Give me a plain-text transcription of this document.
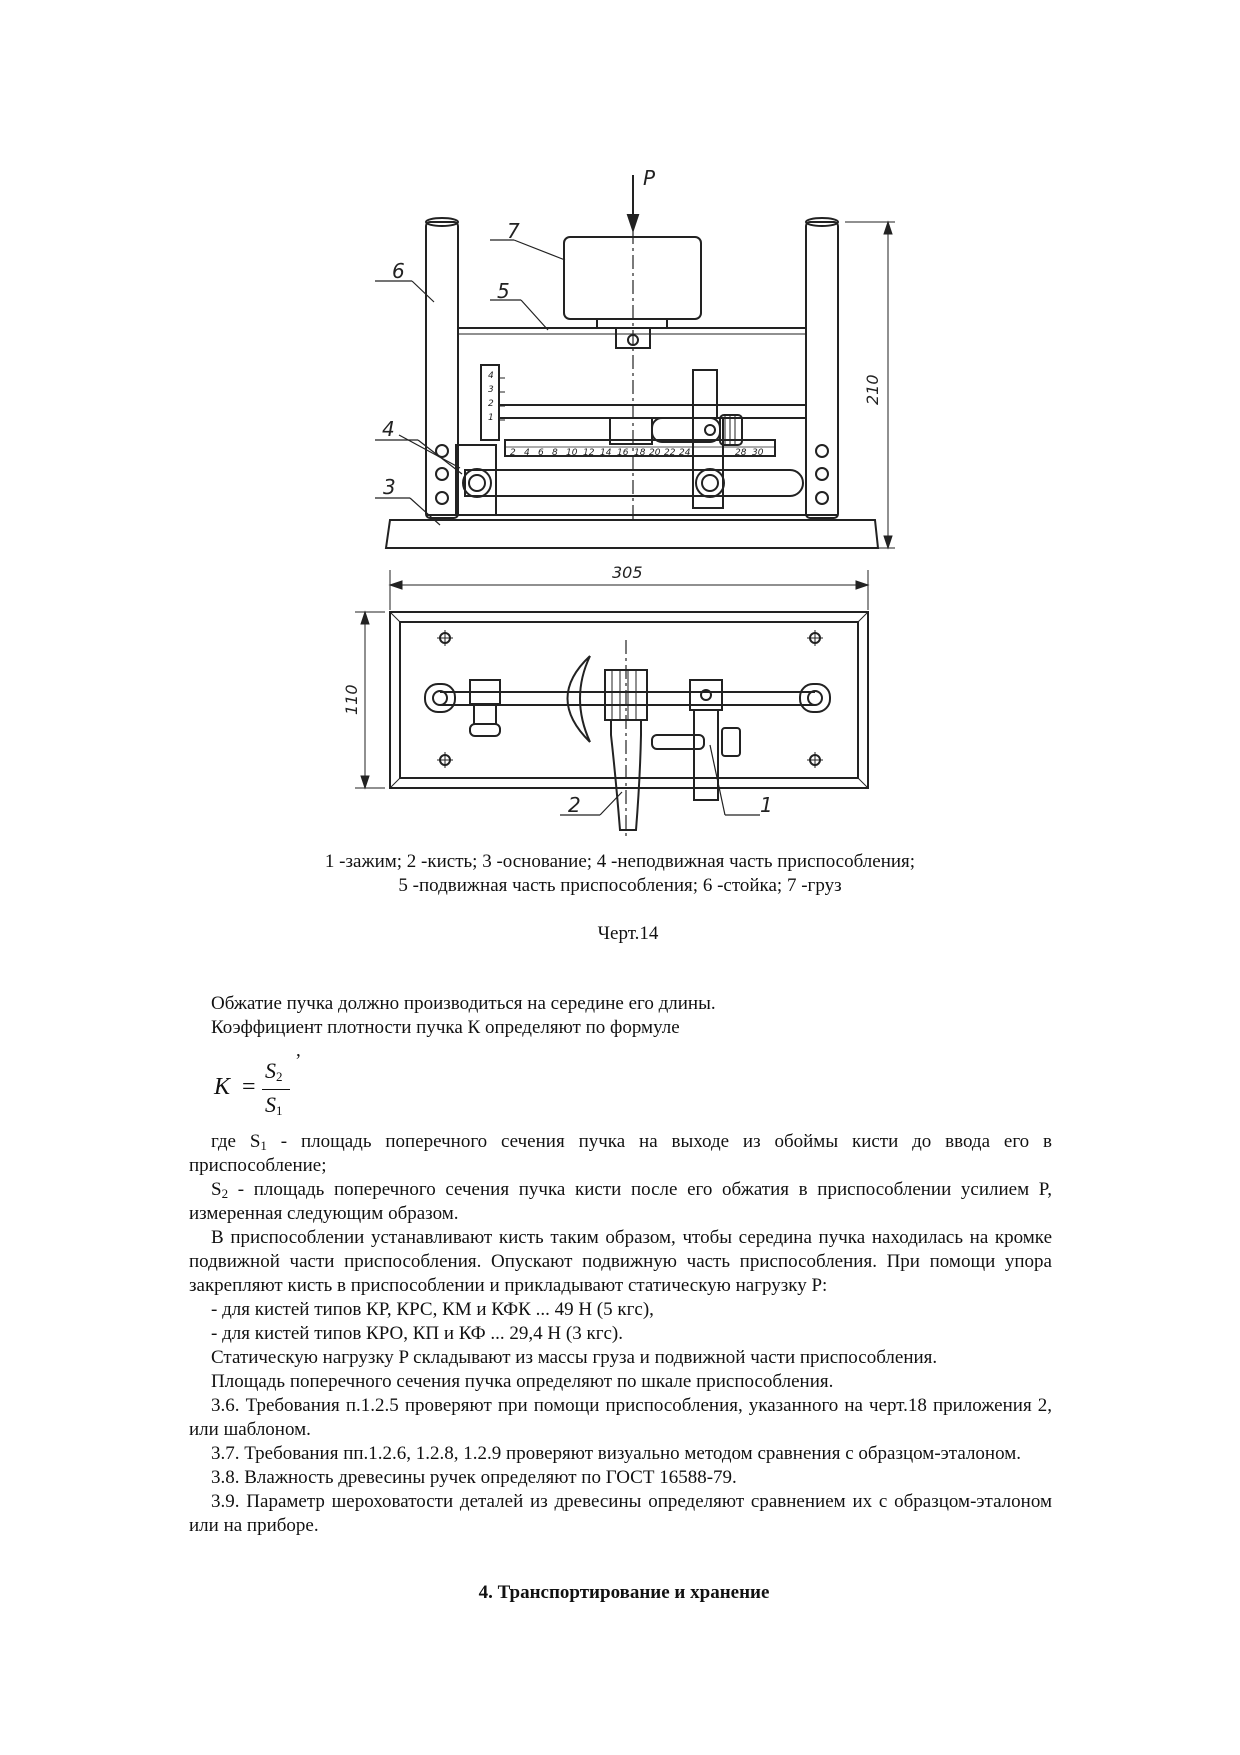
P
7
6
5
4
3
2	1
305
210
110
4
3
2
1
2 4 6 8 10 12 14 16 18 20 22 24	28 30
1 -зажим; 2 -кисть; 3 -основание; 4 -неподвижная часть приспособления;
5 -подвижная часть приспособления; 6 -стойка; 7 -груз
Черт.14

Обжатие пучка должно производиться на середине его длины.

Коэффициент плотности пучка К определяют по формуле

,
K =
$S_2$
$S_1$

где $S_1$ - площадь поперечного сечения пучка на выходе из обоймы кисти до ввода его в приспособление;

$S_2$ - площадь поперечного сечения пучка кисти после его обжатия в приспособлении усилием P, измеренная следующим образом.

В приспособлении устанавливают кисть таким образом, чтобы середина пучка находилась на кромке подвижной части приспособления. Опускают подвижную часть приспособления. При помощи упора закрепляют кисть в приспособлении и прикладывают статическую нагрузку P:

- для кистей типов КР, КРС, КМ и КФК ... 49 Н (5 кгс),

- для кистей типов КРО, КП и КФ ... 29,4 Н (3 кгс).

Статическую нагрузку P складывают из массы груза и подвижной части приспособления.

Площадь поперечного сечения пучка определяют по шкале приспособления.

3.6. Требования п.1.2.5 проверяют при помощи приспособления, указанного на черт.18 приложения 2, или шаблоном.

3.7. Требования пп.1.2.6, 1.2.8, 1.2.9 проверяют визуально методом сравнения с образцом-эталоном.

3.8. Влажность древесины ручек определяют по ГОСТ 16588-79.

3.9. Параметр шероховатости деталей из древесины определяют сравнением их с образцом-эталоном или на приборе.

4. Транспортирование и хранение
